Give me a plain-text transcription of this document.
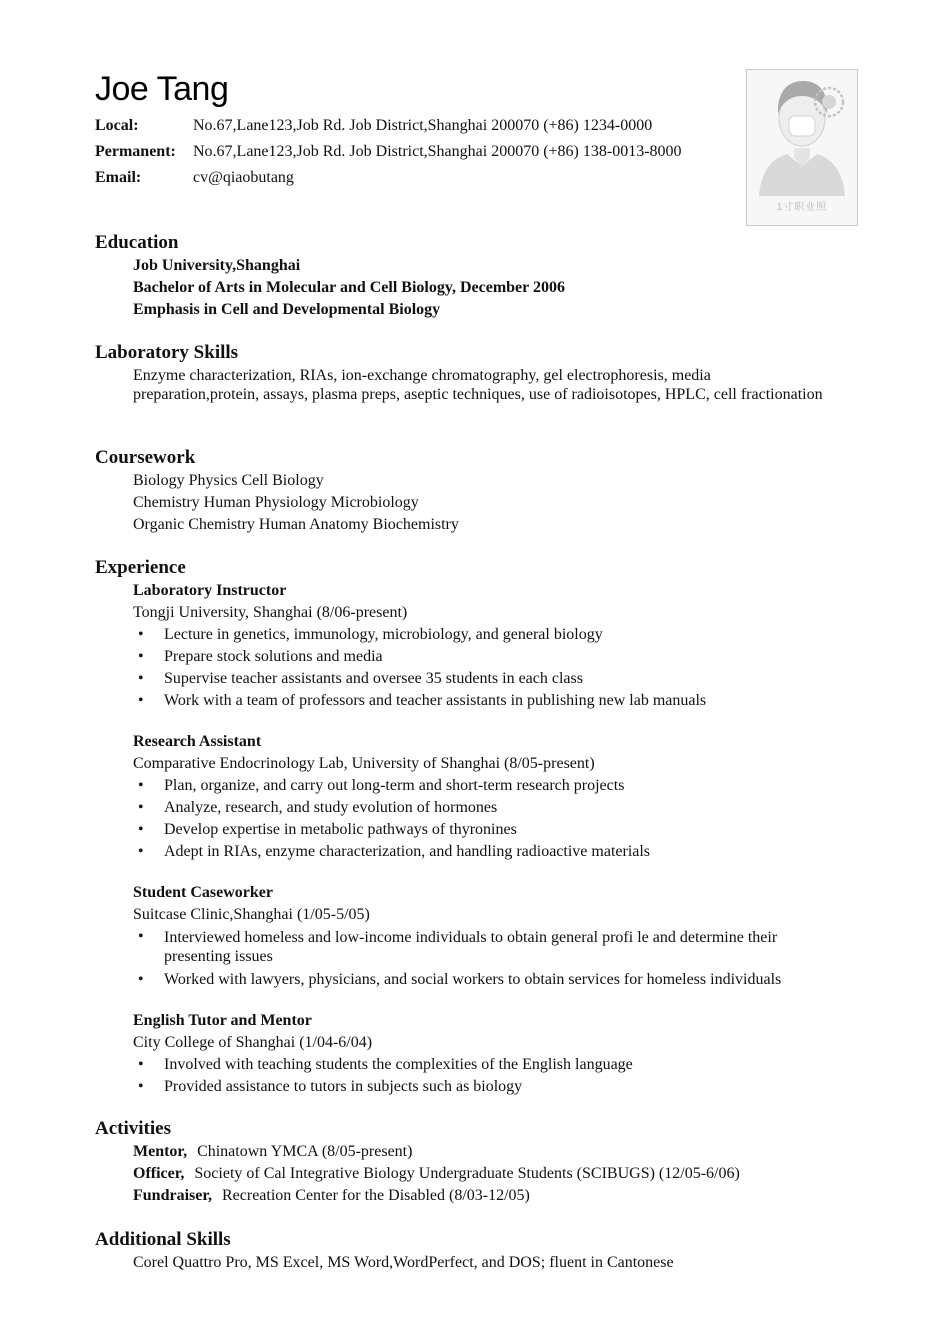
Joe Tang
Local:	No.67,Lane123,Job Rd. Job District,Shanghai 200070 (+86) 1234-0000
Permanent:	No.67,Lane123,Job Rd. Job District,Shanghai 200070 (+86) 138-0013-8000
Email:	cv@qiaobutang
1寸职业照
Education
Job University,Shanghai
Bachelor of Arts in Molecular and Cell Biology, December 2006
Emphasis in Cell and Developmental Biology
Laboratory Skills
Enzyme characterization, RIAs, ion-exchange chromatography, gel electrophoresis, media preparation,protein, assays, plasma preps, aseptic techniques, use of radioisotopes, HPLC, cell fractionation
Coursework
Biology Physics Cell Biology
Chemistry Human Physiology Microbiology
Organic Chemistry Human Anatomy Biochemistry
Experience
Laboratory Instructor
Tongji University, Shanghai (8/06-present)
• Lecture in genetics, immunology, microbiology, and general biology
• Prepare stock solutions and media
• Supervise teacher assistants and oversee 35 students in each class
• Work with a team of professors and teacher assistants in publishing new lab manuals
Research Assistant
Comparative Endocrinology Lab, University of Shanghai (8/05-present)
• Plan, organize, and carry out long-term and short-term research projects
• Analyze, research, and study evolution of hormones
• Develop expertise in metabolic pathways of thyronines
• Adept in RIAs, enzyme characterization, and handling radioactive materials
Student Caseworker
Suitcase Clinic,Shanghai (1/05-5/05)
• Interviewed homeless and low-income individuals to obtain general profi le and determine their presenting issues
• Worked with lawyers, physicians, and social workers to obtain services for homeless individuals
English Tutor and Mentor
City College of Shanghai (1/04-6/04)
• Involved with teaching students the complexities of the English language
• Provided assistance to tutors in subjects such as biology
Activities
Mentor, Chinatown YMCA (8/05-present)
Officer, Society of Cal Integrative Biology Undergraduate Students (SCIBUGS) (12/05-6/06)
Fundraiser, Recreation Center for the Disabled (8/03-12/05)
Additional Skills
Corel Quattro Pro, MS Excel, MS Word,WordPerfect, and DOS; fluent in Cantonese
